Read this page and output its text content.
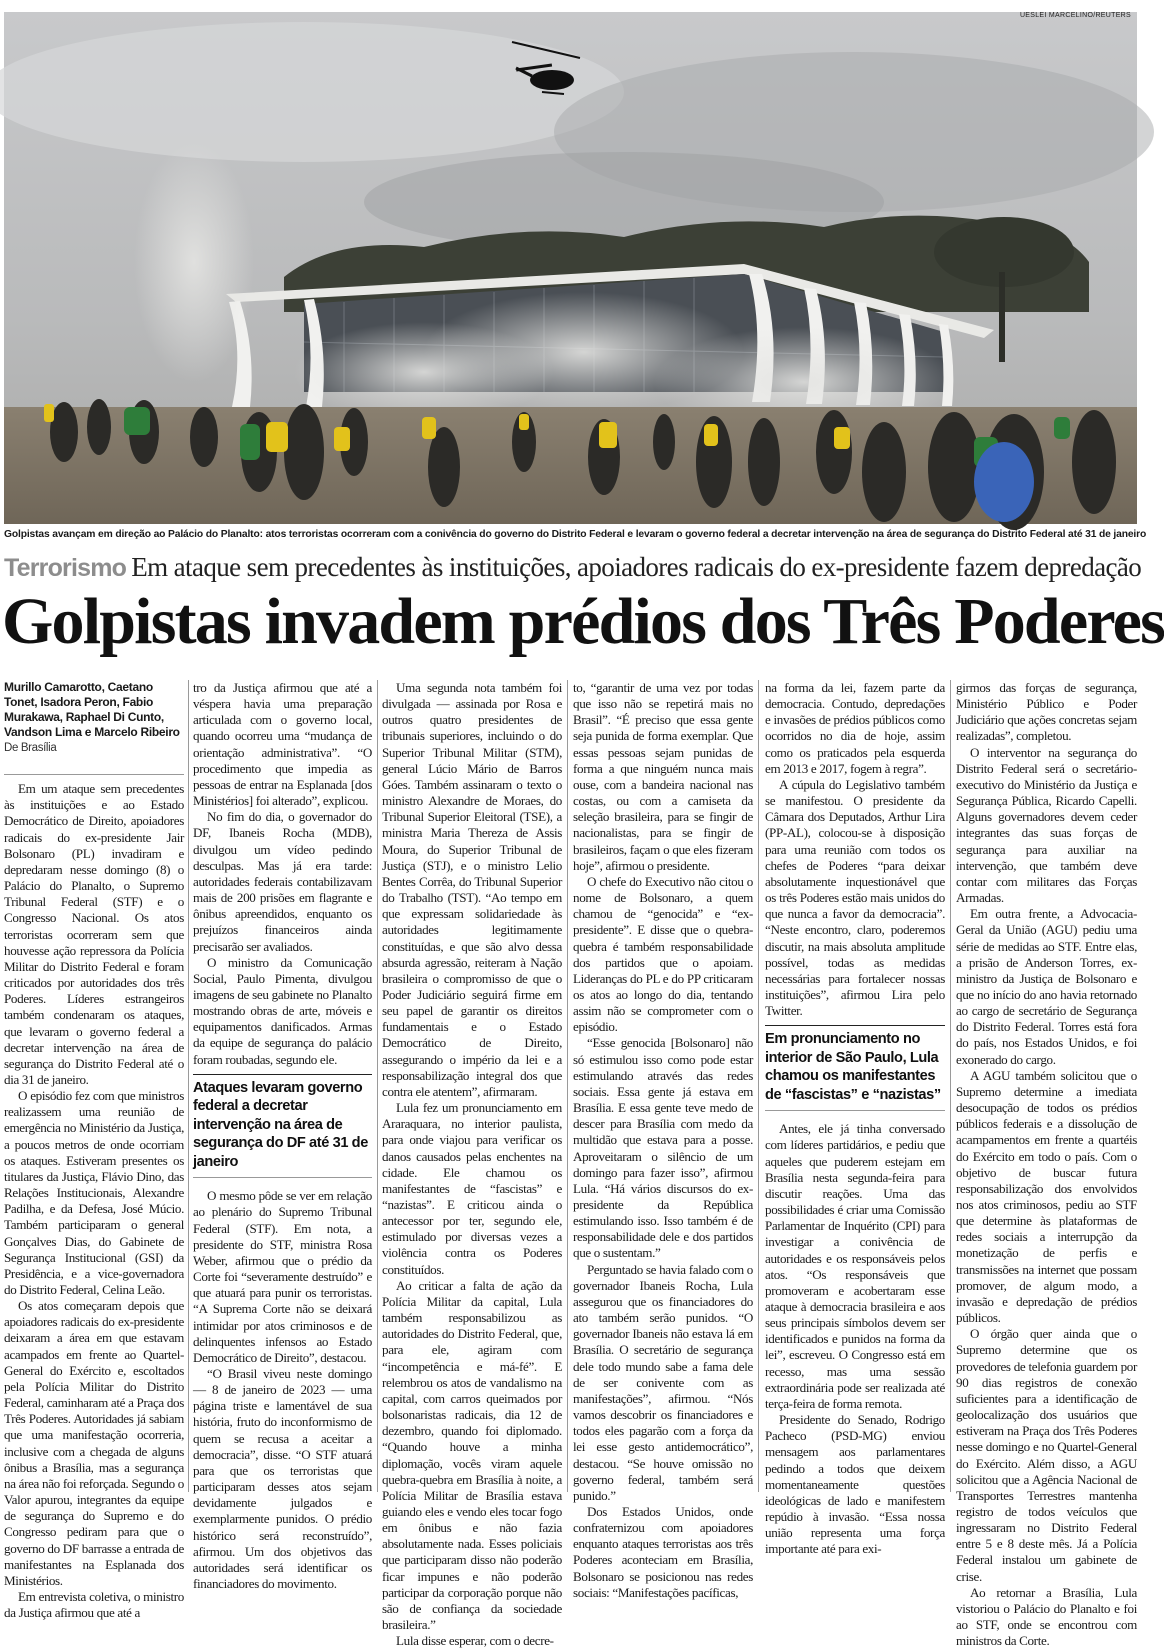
UESLEI MARCELINO/REUTERS
Golpistas avançam em direção ao Palácio do Planalto: atos terroristas ocorreram com a conivência do governo do Distrito Federal e levaram o governo federal a decretar intervenção na área de segurança do Distrito Federal até 31 de janeiro
Terrorismo Em ataque sem precedentes às instituições, apoiadores radicais do ex-presidente fazem depredação
Golpistas invadem prédios dos Três Poderes
Murillo Camarotto, Caetano Tonet, Isadora Peron, Fabio Murakawa, Raphael Di Cunto, Vandson Lima e Marcelo Ribeiro
De Brasília

Em um ataque sem precedentes às instituições e ao Estado Democrático de Direito, apoiadores radicais do ex-presidente Jair Bolsonaro (PL) invadiram e depredaram nesse domingo (8) o Palácio do Planalto, o Supremo Tribunal Federal (STF) e o Congresso Nacional. Os atos terroristas ocorreram sem que houvesse ação repressora da Polícia Militar do Distrito Federal e foram criticados por autoridades dos três Poderes. Líderes estrangeiros também condenaram os ataques, que levaram o governo federal a decretar intervenção na área de segurança do Distrito Federal até o dia 31 de janeiro.

O episódio fez com que ministros realizassem uma reunião de emergência no Ministério da Justiça, a poucos metros de onde ocorriam os ataques. Estiveram presentes os titulares da Justiça, Flávio Dino, das Relações Institucionais, Alexandre Padilha, e da Defesa, José Múcio. Também participaram o general Gonçalves Dias, do Gabinete de Segurança Institucional (GSI) da Presidência, e a vice-governadora do Distrito Federal, Celina Leão.

Os atos começaram depois que apoiadores radicais do ex-presidente deixaram a área em que estavam acampados em frente ao Quartel-General do Exército e, escoltados pela Polícia Militar do Distrito Federal, caminharam até a Praça dos Três Poderes. Autoridades já sabiam que uma manifestação ocorreria, inclusive com a chegada de alguns ônibus a Brasília, mas a segurança na área não foi reforçada. Segundo o Valor apurou, integrantes da equipe de segurança do Supremo e do Congresso pediram para que o governo do DF barrasse a entrada de manifestantes na Esplanada dos Ministérios.

Em entrevista coletiva, o ministro da Justiça afirmou que até a

tro da Justiça afirmou que até a véspera havia uma preparação articulada com o governo local, quando ocorreu uma “mudança de orientação administrativa”. “O procedimento que impedia as pessoas de entrar na Esplanada [dos Ministérios] foi alterado”, explicou.

No fim do dia, o governador do DF, Ibaneis Rocha (MDB), divulgou um vídeo pedindo desculpas. Mas já era tarde: autoridades federais contabilizavam mais de 200 prisões em flagrante e ônibus apreendidos, enquanto os prejuízos financeiros ainda precisarão ser avaliados.

O ministro da Comunicação Social, Paulo Pimenta, divulgou imagens de seu gabinete no Planalto mostrando obras de arte, móveis e equipamentos danificados. Armas da equipe de segurança do palácio foram roubadas, segundo ele.

Ataques levaram governo federal a decretar intervenção na área de segurança do DF até 31 de janeiro

O mesmo pôde se ver em relação ao plenário do Supremo Tribunal Federal (STF). Em nota, a presidente do STF, ministra Rosa Weber, afirmou que o prédio da Corte foi “severamente destruído” e que atuará para punir os terroristas. “A Suprema Corte não se deixará intimidar por atos criminosos e de delinquentes infensos ao Estado Democrático de Direito”, destacou.

“O Brasil viveu neste domingo — 8 de janeiro de 2023 — uma página triste e lamentável de sua história, fruto do inconformismo de quem se recusa a aceitar a democracia”, disse. “O STF atuará para que os terroristas que participaram desses atos sejam devidamente julgados e exemplarmente punidos. O prédio histórico será reconstruído”, afirmou. Um dos objetivos das autoridades será identificar os financiadores do movimento.

Uma segunda nota também foi divulgada — assinada por Rosa e outros quatro presidentes de tribunais superiores, incluindo o do Superior Tribunal Militar (STM), general Lúcio Mário de Barros Góes. Também assinaram o texto o ministro Alexandre de Moraes, do Tribunal Superior Eleitoral (TSE), a ministra Maria Thereza de Assis Moura, do Superior Tribunal de Justiça (STJ), e o ministro Lelio Bentes Corrêa, do Tribunal Superior do Trabalho (TST). “Ao tempo em que expressam solidariedade às autoridades legitimamente constituídas, e que são alvo dessa absurda agressão, reiteram à Nação brasileira o compromisso de que o Poder Judiciário seguirá firme em seu papel de garantir os direitos fundamentais e o Estado Democrático de Direito, assegurando o império da lei e a responsabilização integral dos que contra ele atentem”, afirmaram.

Lula fez um pronunciamento em Araraquara, no interior paulista, para onde viajou para verificar os danos causados pelas enchentes na cidade. Ele chamou os manifestantes de “fascistas” e “nazistas”. E criticou ainda o antecessor por ter, segundo ele, estimulado por diversas vezes a violência contra os Poderes constituídos.

Ao criticar a falta de ação da Polícia Militar da capital, Lula também responsabilizou as autoridades do Distrito Federal, que, para ele, agiram com “incompetência e má-fé”. E relembrou os atos de vandalismo na capital, com carros queimados por bolsonaristas radicais, dia 12 de dezembro, quando foi diplomado. “Quando houve a minha diplomação, vocês viram aquele quebra-quebra em Brasília à noite, a Polícia Militar de Brasília estava guiando eles e vendo eles tocar fogo em ônibus e não fazia absolutamente nada. Esses policiais que participaram disso não poderão ficar impunes e não poderão participar da corporação porque não são de confiança da sociedade brasileira.”

Lula disse esperar, com o decre-

to, “garantir de uma vez por todas que isso não se repetirá mais no Brasil”. “É preciso que essa gente seja punida de forma exemplar. Que essas pessoas sejam punidas de forma a que ninguém nunca mais ouse, com a bandeira nacional nas costas, ou com a camiseta da seleção brasileira, para se fingir de nacionalistas, para se fingir de brasileiros, façam o que eles fizeram hoje”, afirmou o presidente.

O chefe do Executivo não citou o nome de Bolsonaro, a quem chamou de “genocida” e “ex-presidente”. E disse que o quebra-quebra é também responsabilidade dos partidos que o apoiam. Lideranças do PL e do PP criticaram os atos ao longo do dia, tentando assim não se comprometer com o episódio.

“Esse genocida [Bolsonaro] não só estimulou isso como pode estar estimulando através das redes sociais. Essa gente já estava em Brasília. E essa gente teve medo de descer para Brasília com medo da multidão que estava para a posse. Aproveitaram o silêncio de um domingo para fazer isso”, afirmou Lula. “Há vários discursos do ex-presidente da República estimulando isso. Isso também é de responsabilidade dele e dos partidos que o sustentam.”

Perguntado se havia falado com o governador Ibaneis Rocha, Lula assegurou que os financiadores do ato também serão punidos. “O governador Ibaneis não estava lá em Brasília. O secretário de segurança dele todo mundo sabe a fama dele de ser conivente com as manifestações”, afirmou. “Nós vamos descobrir os financiadores e todos eles pagarão com a força da lei esse gesto antidemocrático”, destacou. “Se houve omissão no governo federal, também será punido.”

Dos Estados Unidos, onde confraternizou com apoiadores enquanto ataques terroristas aos três Poderes aconteciam em Brasília, Bolsonaro se posicionou nas redes sociais: “Manifestações pacíficas,

na forma da lei, fazem parte da democracia. Contudo, depredações e invasões de prédios públicos como ocorridos no dia de hoje, assim como os praticados pela esquerda em 2013 e 2017, fogem à regra”.

A cúpula do Legislativo também se manifestou. O presidente da Câmara dos Deputados, Arthur Lira (PP-AL), colocou-se à disposição para uma reunião com todos os chefes de Poderes “para deixar absolutamente inquestionável que os três Poderes estão mais unidos do que nunca a favor da democracia”. “Neste encontro, claro, poderemos discutir, na mais absoluta amplitude possível, todas as medidas necessárias para fortalecer nossas instituições”, afirmou Lira pelo Twitter.

Em pronunciamento no interior de São Paulo, Lula chamou os manifestantes de “fascistas” e “nazistas”

Antes, ele já tinha conversado com líderes partidários, e pediu que aqueles que puderem estejam em Brasília nesta segunda-feira para discutir reações. Uma das possibilidades é criar uma Comissão Parlamentar de Inquérito (CPI) para investigar a conivência de autoridades e os responsáveis pelos atos. “Os responsáveis que promoveram e acobertaram esse ataque à democracia brasileira e aos seus principais símbolos devem ser identificados e punidos na forma da lei”, escreveu. O Congresso está em recesso, mas uma sessão extraordinária pode ser realizada até terça-feira de forma remota.

Presidente do Senado, Rodrigo Pacheco (PSD-MG) enviou mensagem aos parlamentares pedindo a todos que deixem momentaneamente questões ideológicas de lado e manifestem repúdio à invasão. “Essa nossa união representa uma força importante até para exi-

girmos das forças de segurança, Ministério Público e Poder Judiciário que ações concretas sejam realizadas”, completou.

O interventor na segurança do Distrito Federal será o secretário-executivo do Ministério da Justiça e Segurança Pública, Ricardo Capelli. Alguns governadores devem ceder integrantes das suas forças de segurança para auxiliar na intervenção, que também deve contar com militares das Forças Armadas.

Em outra frente, a Advocacia-Geral da União (AGU) pediu uma série de medidas ao STF. Entre elas, a prisão de Anderson Torres, ex-ministro da Justiça de Bolsonaro e que no início do ano havia retornado ao cargo de secretário de Segurança do Distrito Federal. Torres está fora do país, nos Estados Unidos, e foi exonerado do cargo.

A AGU também solicitou que o Supremo determine a imediata desocupação de todos os prédios públicos federais e a dissolução de acampamentos em frente a quartéis do Exército em todo o país. Com o objetivo de buscar futura responsabilização dos envolvidos nos atos criminosos, pediu ao STF que determine às plataformas de redes sociais a interrupção da monetização de perfis e transmissões na internet que possam promover, de algum modo, a invasão e depredação de prédios públicos.

O órgão quer ainda que o Supremo determine que os provedores de telefonia guardem por 90 dias registros de conexão suficientes para a identificação de geolocalização dos usuários que estiveram na Praça dos Três Poderes nesse domingo e no Quartel-General do Exército. Além disso, a AGU solicitou que a Agência Nacional de Transportes Terrestres mantenha registro de todos veículos que ingressaram no Distrito Federal entre 5 e 8 deste mês. Já a Polícia Federal instalou um gabinete de crise.

Ao retornar a Brasília, Lula vistoriou o Palácio do Planalto e foi ao STF, onde se encontrou com ministros da Corte.
